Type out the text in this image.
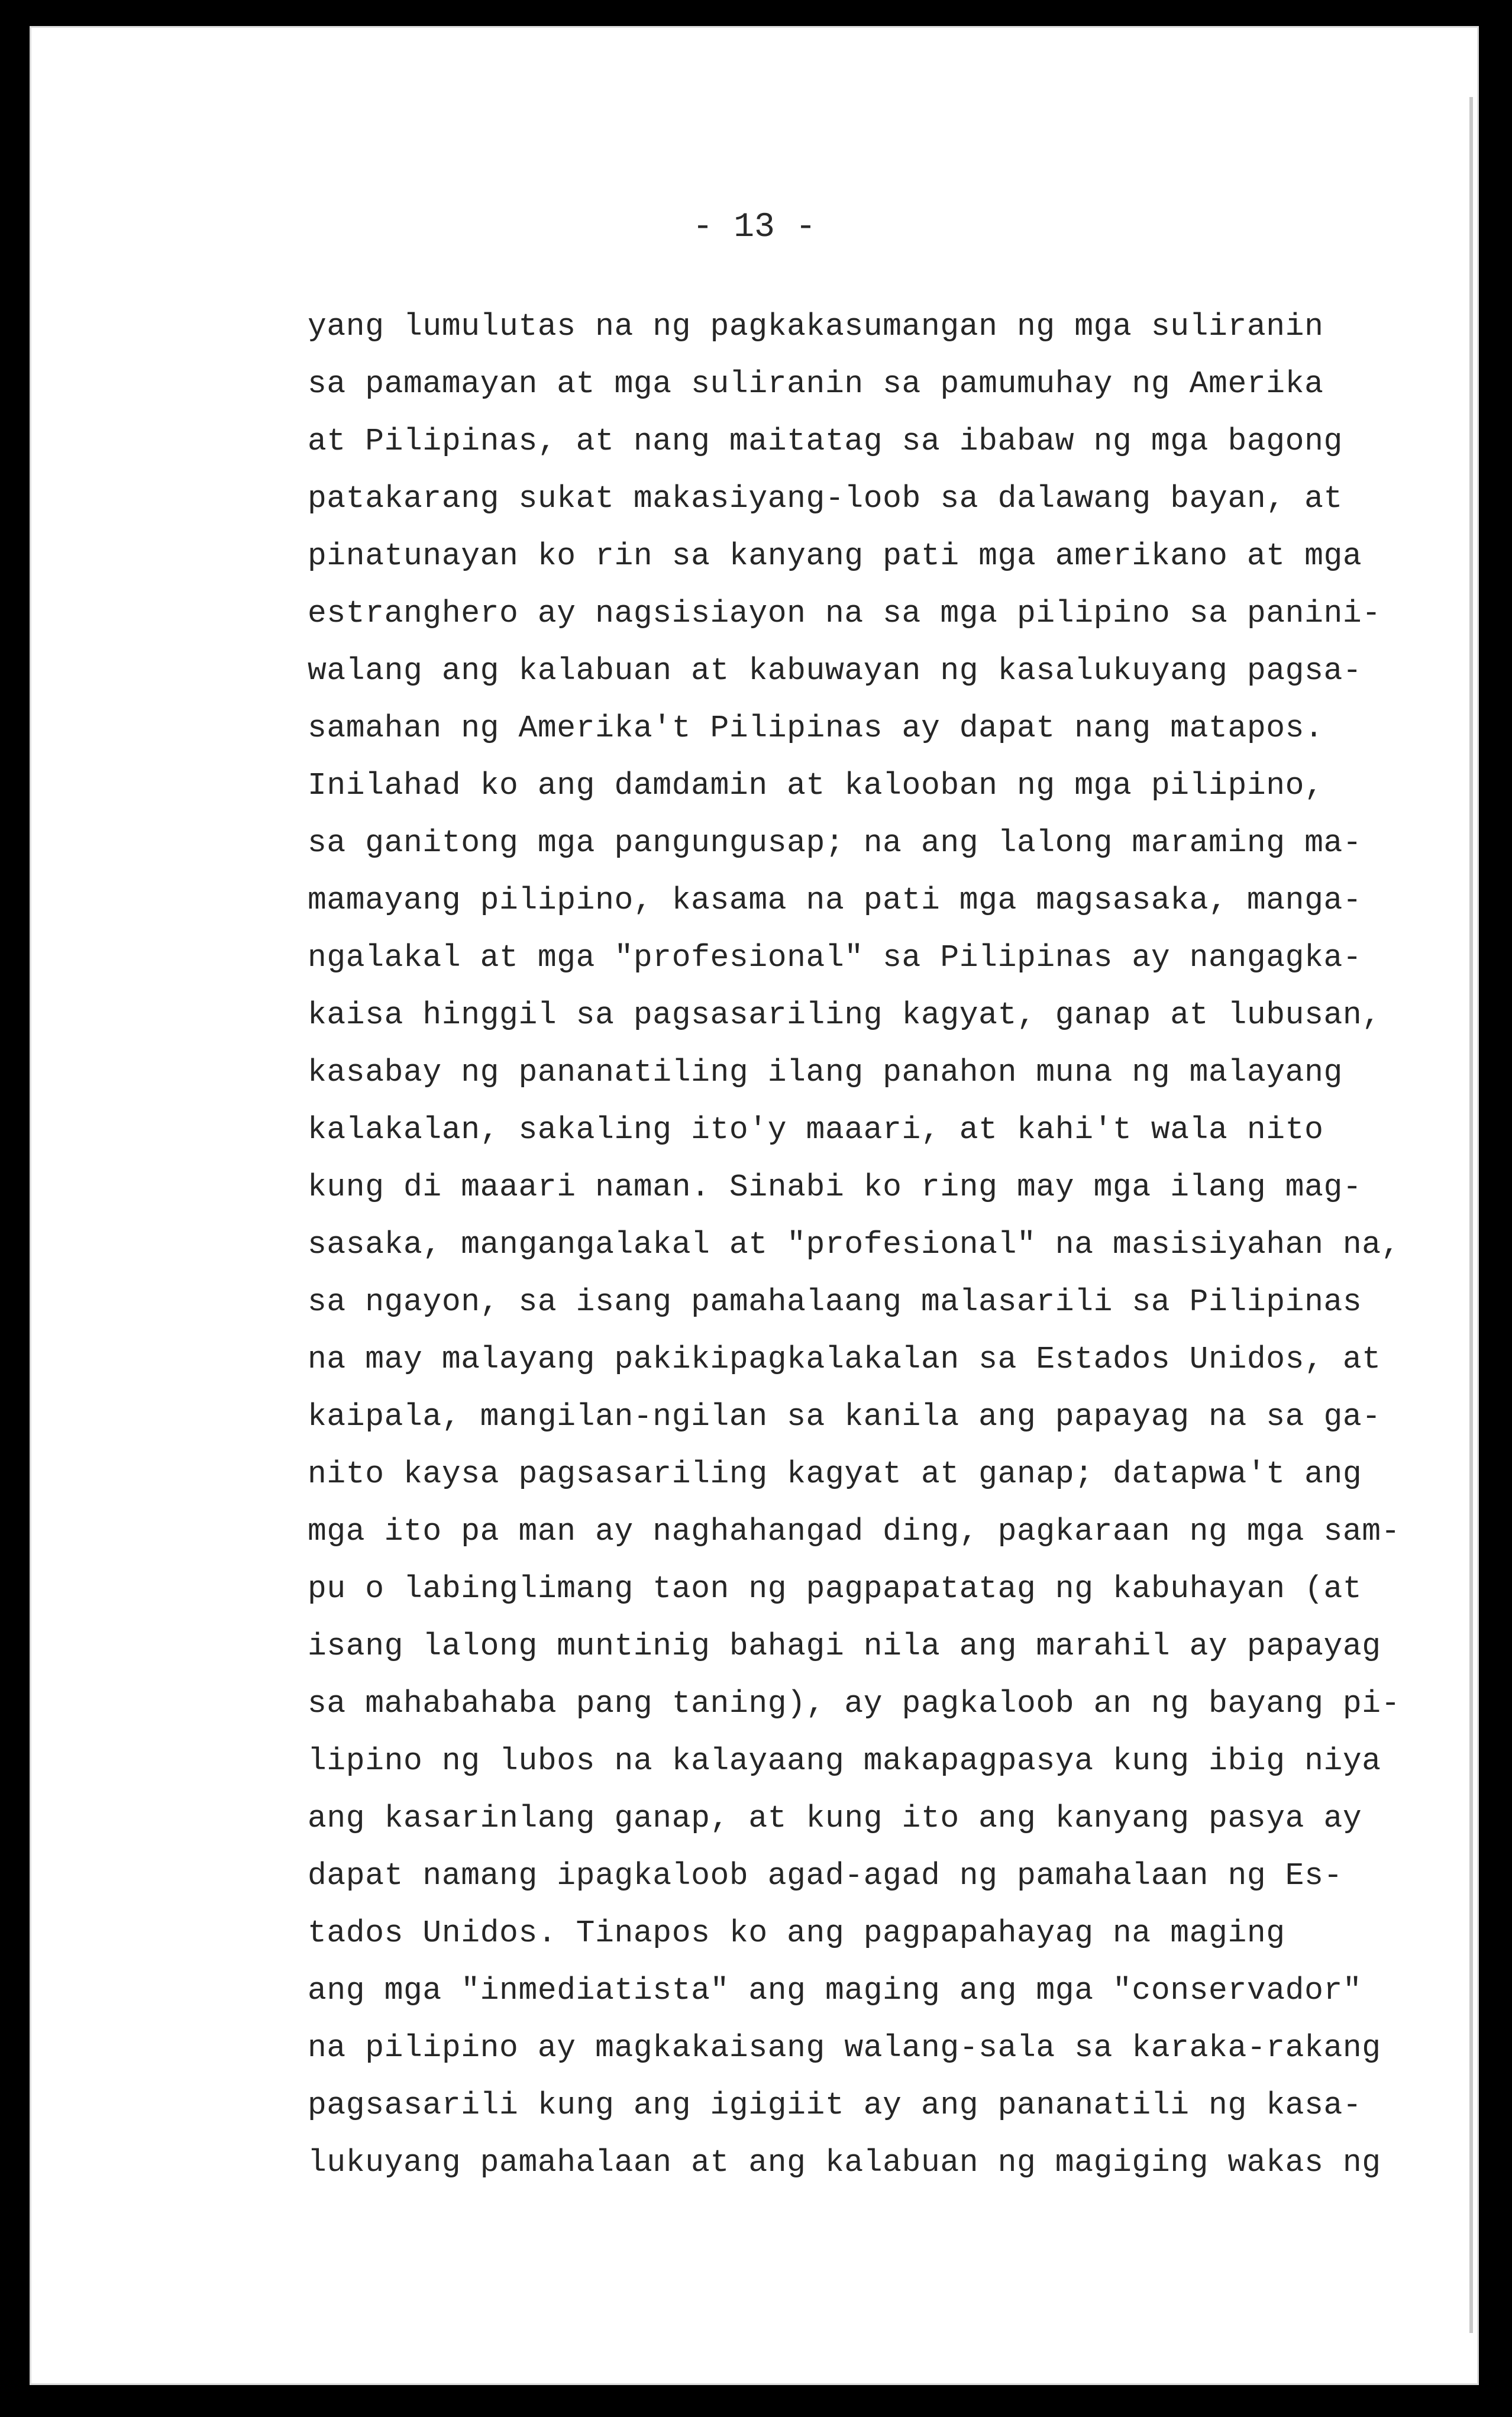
- 13 -

yang lumulutas na ng pagkakasumangan ng mga suliranin
sa pamamayan at mga suliranin sa pamumuhay ng Amerika
at Pilipinas, at nang maitatag sa ibabaw ng mga bagong
patakarang sukat makasiyang-loob sa dalawang bayan, at
pinatunayan ko rin sa kanyang pati mga amerikano at mga
estranghero ay nagsisiayon na sa mga pilipino sa panini-
walang ang kalabuan at kabuwayan ng kasalukuyang pagsa-
samahan ng Amerika't Pilipinas ay dapat nang matapos.
Inilahad ko ang damdamin at kalooban ng mga pilipino,
sa ganitong mga pangungusap; na ang lalong maraming ma-
mamayang pilipino, kasama na pati mga magsasaka, manga-
ngalakal at mga "profesional" sa Pilipinas ay nangagka-
kaisa hinggil sa pagsasariling kagyat, ganap at lubusan,
kasabay ng pananatiling ilang panahon muna ng malayang
kalakalan, sakaling ito'y maaari, at kahi't wala nito
kung di maaari naman. Sinabi ko ring may mga ilang mag-
sasaka, mangangalakal at "profesional" na masisiyahan na,
sa ngayon, sa isang pamahalaang malasarili sa Pilipinas
na may malayang pakikipagkalakalan sa Estados Unidos, at
kaipala, mangilan-ngilan sa kanila ang papayag na sa ga-
nito kaysa pagsasariling kagyat at ganap; datapwa't ang
mga ito pa man ay naghahangad ding, pagkaraan ng mga sam-
pu o labinglimang taon ng pagpapatatag ng kabuhayan (at
isang lalong muntinig bahagi nila ang marahil ay papayag
sa mahabahaba pang taning), ay pagkaloob an ng bayang pi-
lipino ng lubos na kalayaang makapagpasya kung ibig niya
ang kasarinlang ganap, at kung ito ang kanyang pasya ay
dapat namang ipagkaloob agad-agad ng pamahalaan ng Es-
tados Unidos. Tinapos ko ang pagpapahayag na maging
ang mga "inmediatista" ang maging ang mga "conservador"
na pilipino ay magkakaisang walang-sala sa karaka-rakang
pagsasarili kung ang igigiit ay ang pananatili ng kasa-
lukuyang pamahalaan at ang kalabuan ng magiging wakas ng
